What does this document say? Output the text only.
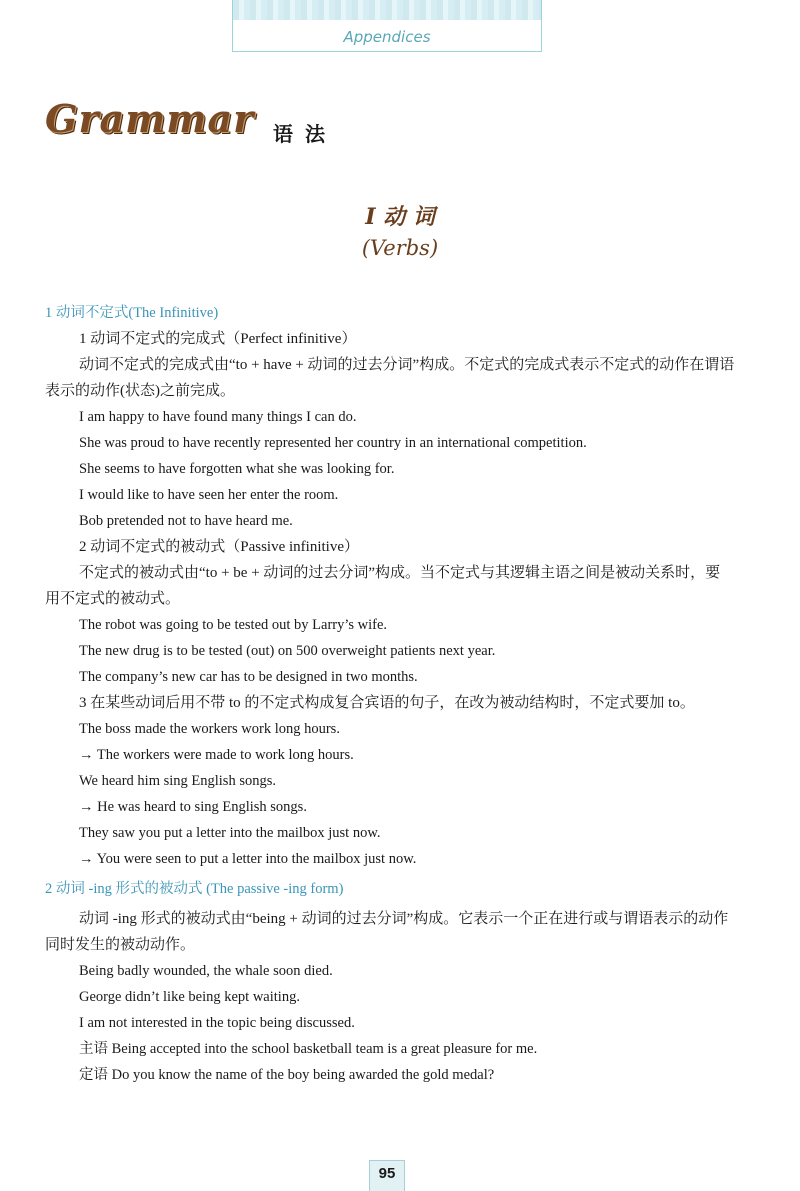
Appendices
Grammar 语法
I 动 词
(Verbs)
1 动词不定式(The Infinitive)
1 动词不定式的完成式（Perfect infinitive）
动词不定式的完成式由“to + have + 动词的过去分词”构成。不定式的完成式表示不定式的动作在谓语表示的动作(状态)之前完成。
I am happy to have found many things I can do.
She was proud to have recently represented her country in an international competition.
She seems to have forgotten what she was looking for.
I would like to have seen her enter the room.
Bob pretended not to have heard me.
2 动词不定式的被动式（Passive infinitive）
不定式的被动式由“to + be + 动词的过去分词”构成。当不定式与其逻辑主语之间是被动关系时，要用不定式的被动式。
The robot was going to be tested out by Larry’s wife.
The new drug is to be tested (out) on 500 overweight patients next year.
The company’s new car has to be designed in two months.
3 在某些动词后用不带 to 的不定式构成复合宾语的句子，在改为被动结构时，不定式要加 to。
The boss made the workers work long hours.
→ The workers were made to work long hours.
We heard him sing English songs.
→ He was heard to sing English songs.
They saw you put a letter into the mailbox just now.
→ You were seen to put a letter into the mailbox just now.
2 动词 -ing 形式的被动式 (The passive -ing form)
动词 -ing 形式的被动式由“being + 动词的过去分词”构成。它表示一个正在进行或与谓语表示的动作同时发生的被动动作。
Being badly wounded, the whale soon died.
George didn’t like being kept waiting.
I am not interested in the topic being discussed.
主语 Being accepted into the school basketball team is a great pleasure for me.
定语 Do you know the name of the boy being awarded the gold medal?
95
